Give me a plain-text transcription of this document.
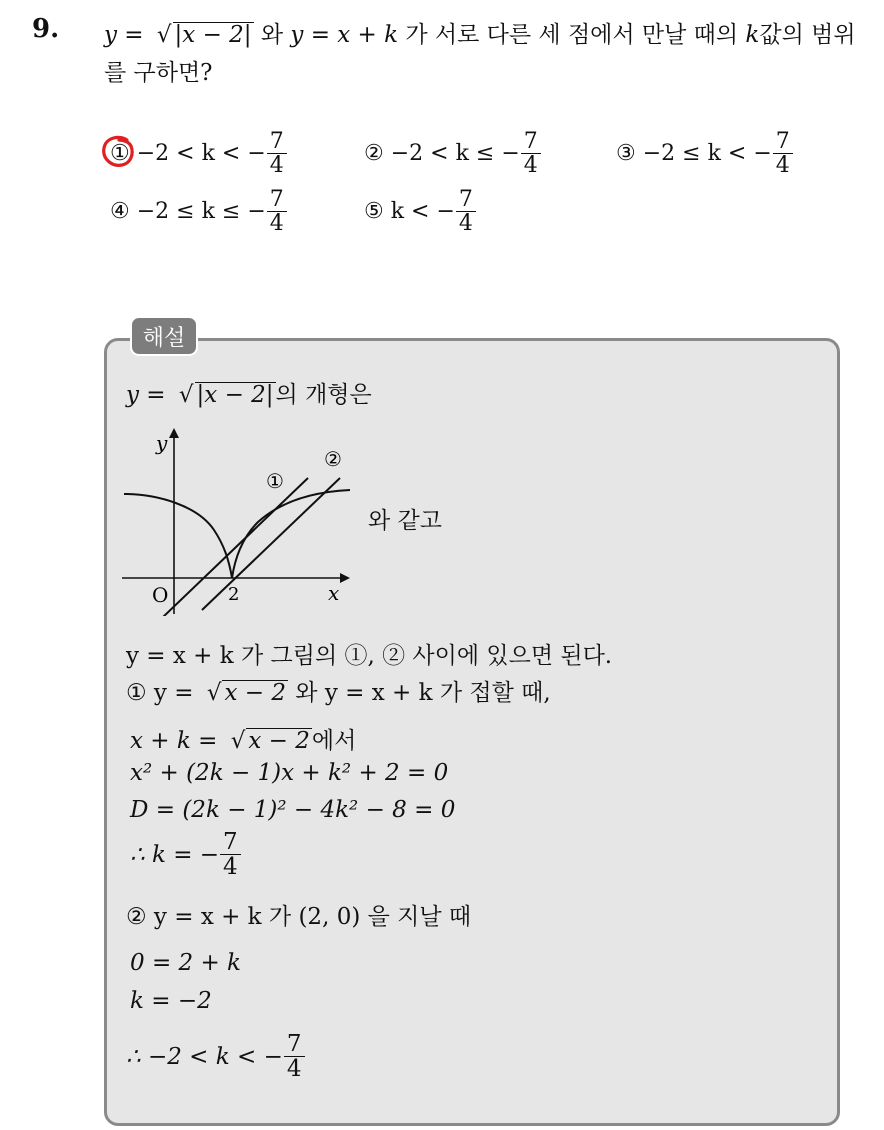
9. y = √ |x − 2| 와 y = x + k 가 서로 다른 세 점에서 만날 때의 k값의 범위를 구하면?
①
−2 < k < − $\frac{7}{4}$	②
−2 < k ≤ − $\frac{7}{4}$	③
−2 ≤ k < − $\frac{7}{4}$
④
−2 ≤ k ≤ − $\frac{7}{4}$	⑤
k < − $\frac{7}{4}$
해설
y = √ |x − 2|의 개형은
y
x
O	2
①
②
와 같고
y = x + k 가 그림의 ①, ② 사이에 있으면 된다.
① y = √ x − 2 와 y = x + k 가 접할 때,
x + k = √ x − 2에서
x² + (2k − 1)x + k² + 2 = 0
D = (2k − 1)² − 4k² − 8 = 0
∴ k = − $\frac{7}{4}$
② y = x + k 가 (2, 0) 을 지날 때
0 = 2 + k
k = −2
∴ −2 < k < − $\frac{7}{4}$
